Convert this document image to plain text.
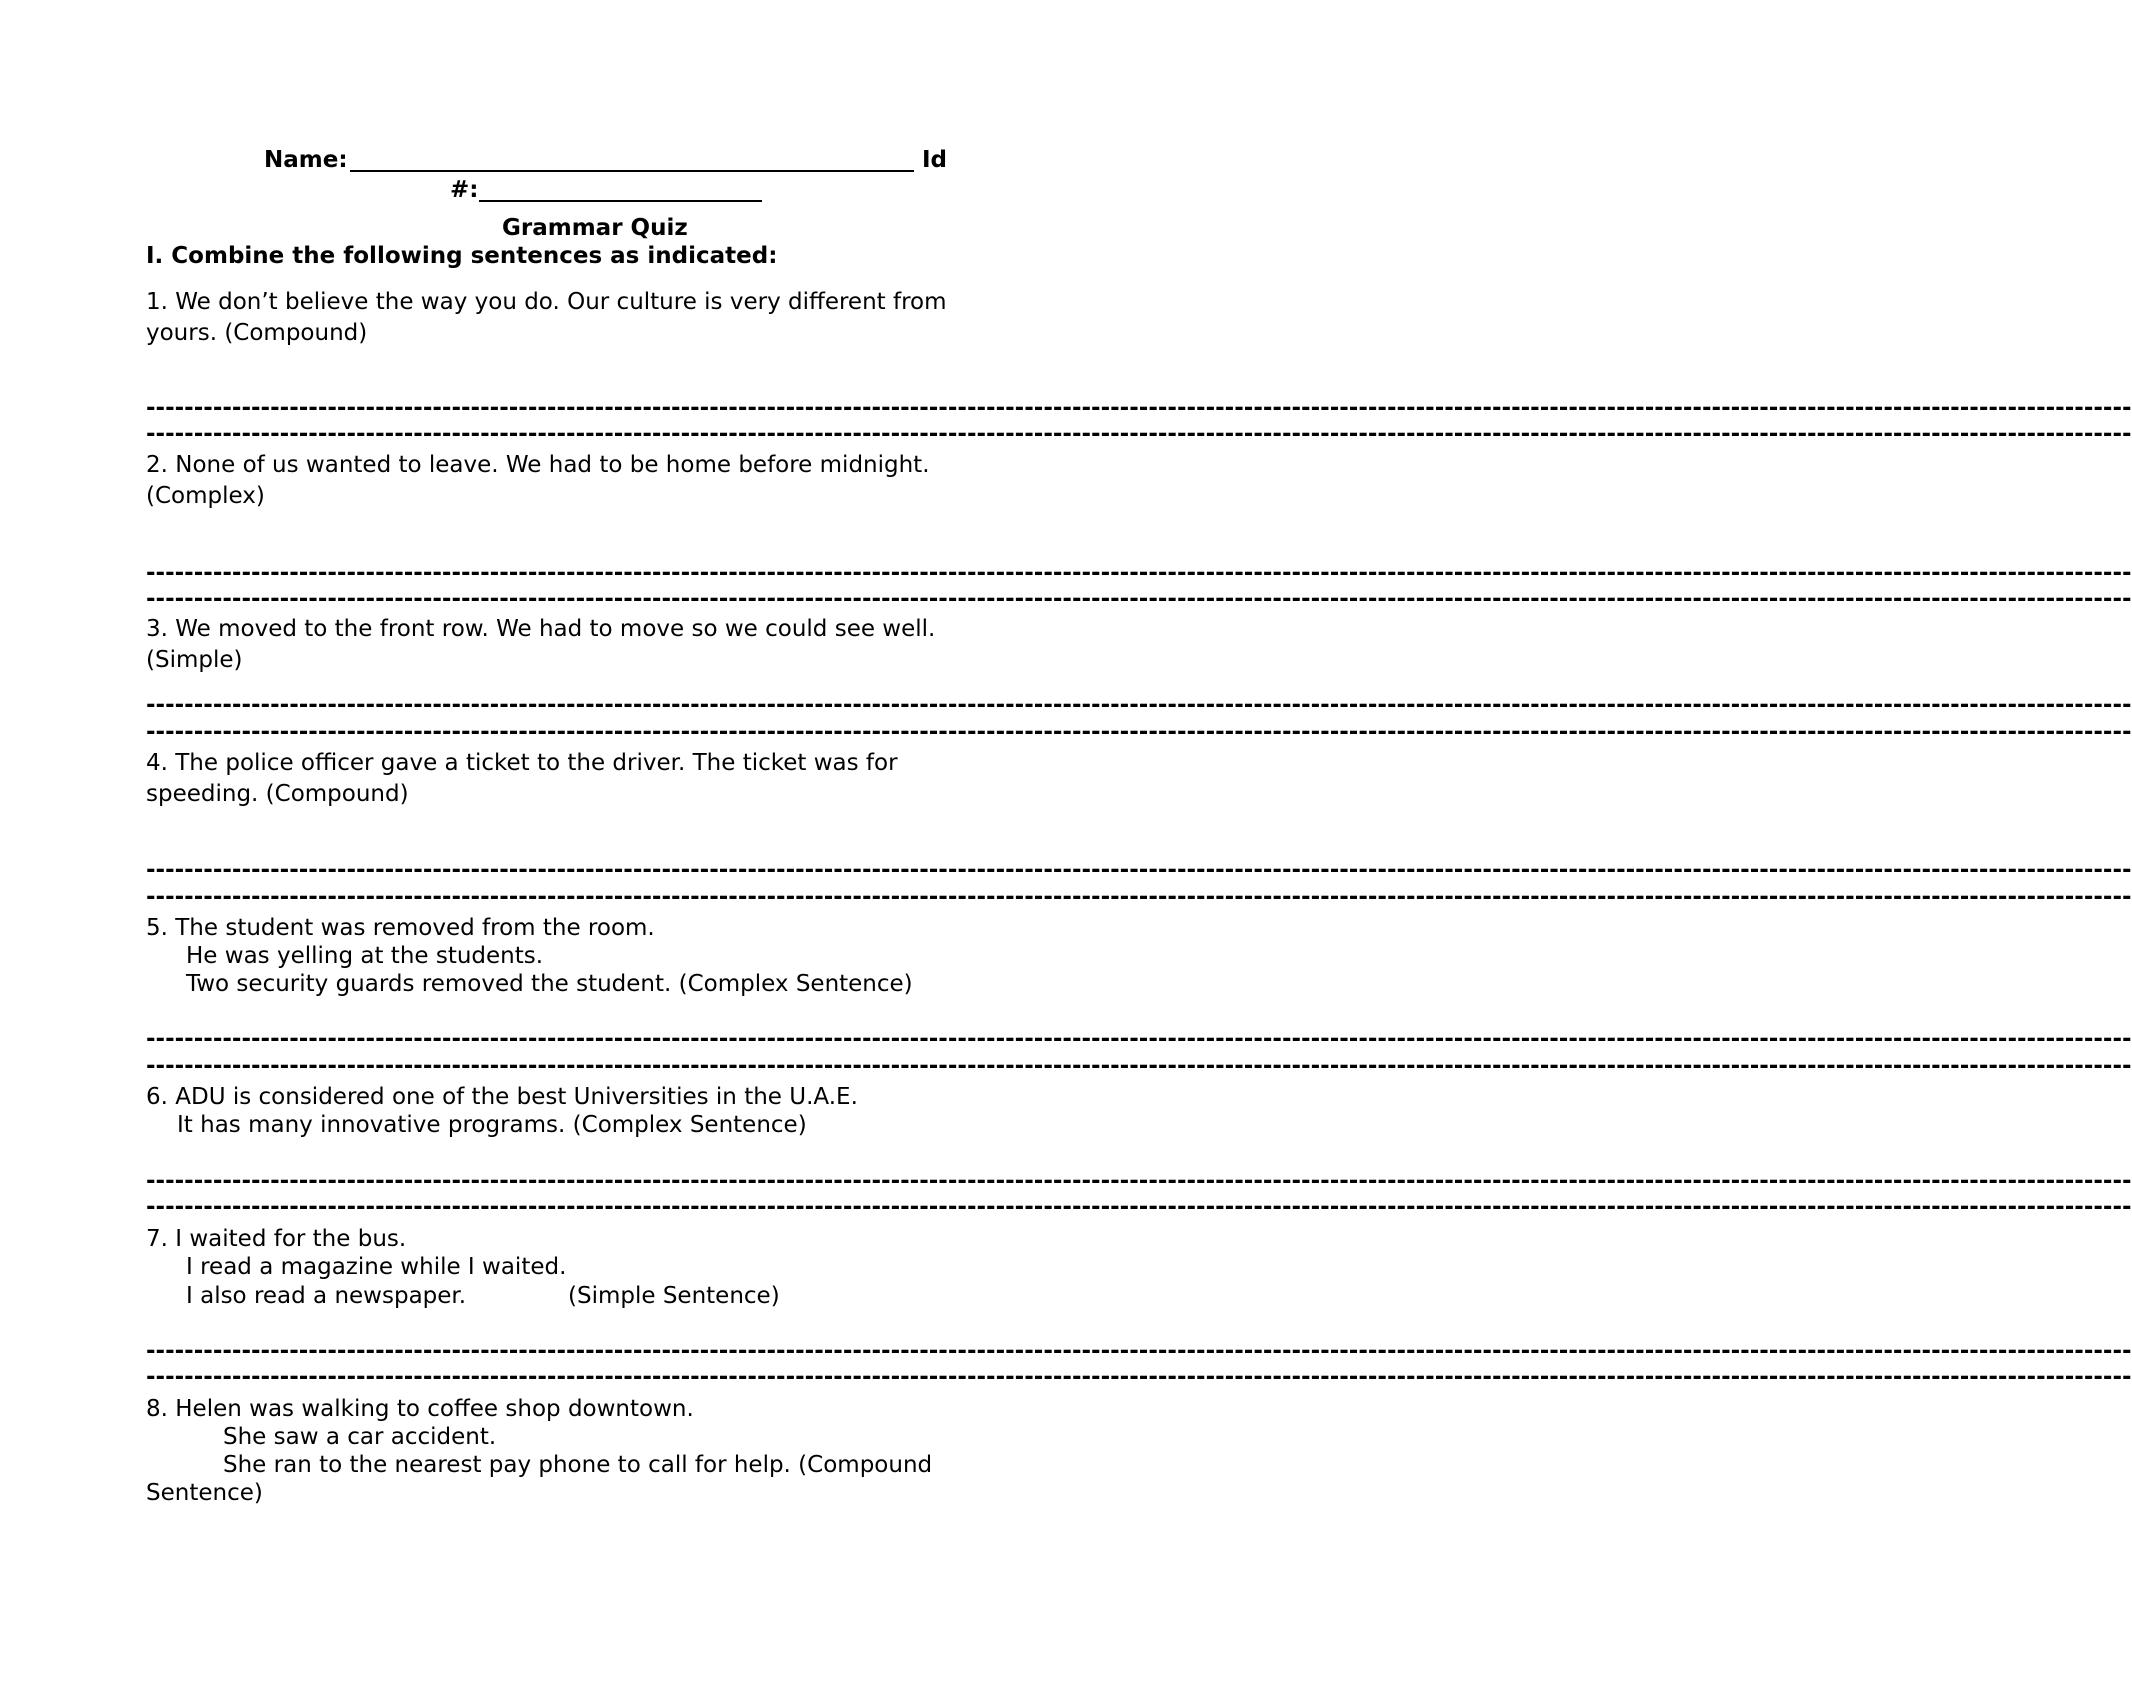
Name:	Id
#:
Grammar Quiz
I. Combine the following sentences as indicated:
1. We don’t believe the way you do. Our culture is very different from
yours. (Compound)
----------------------------------------------------------------------------------------------------------------------------------------------------------------------------------------------------------------
----------------------------------------------------------------------------------------------------------------------------------------------------------------------------------------------------------------
2. None of us wanted to leave. We had to be home before midnight.
(Complex)
----------------------------------------------------------------------------------------------------------------------------------------------------------------------------------------------------------------
----------------------------------------------------------------------------------------------------------------------------------------------------------------------------------------------------------------
3. We moved to the front row. We had to move so we could see well.
(Simple)
----------------------------------------------------------------------------------------------------------------------------------------------------------------------------------------------------------------
----------------------------------------------------------------------------------------------------------------------------------------------------------------------------------------------------------------
4. The police officer gave a ticket to the driver. The ticket was for
speeding. (Compound)
----------------------------------------------------------------------------------------------------------------------------------------------------------------------------------------------------------------
----------------------------------------------------------------------------------------------------------------------------------------------------------------------------------------------------------------
5. The student was removed from the room.
He was yelling at the students.
Two security guards removed the student. (Complex Sentence)
----------------------------------------------------------------------------------------------------------------------------------------------------------------------------------------------------------------
----------------------------------------------------------------------------------------------------------------------------------------------------------------------------------------------------------------
6. ADU is considered one of the best Universities in the U.A.E.
It has many innovative programs. (Complex Sentence)
----------------------------------------------------------------------------------------------------------------------------------------------------------------------------------------------------------------
----------------------------------------------------------------------------------------------------------------------------------------------------------------------------------------------------------------
7. I waited for the bus.
I read a magazine while I waited.
I also read a newspaper.	(Simple Sentence)
----------------------------------------------------------------------------------------------------------------------------------------------------------------------------------------------------------------
----------------------------------------------------------------------------------------------------------------------------------------------------------------------------------------------------------------
8. Helen was walking to coffee shop downtown.
She saw a car accident.
She ran to the nearest pay phone to call for help. (Compound
Sentence)
